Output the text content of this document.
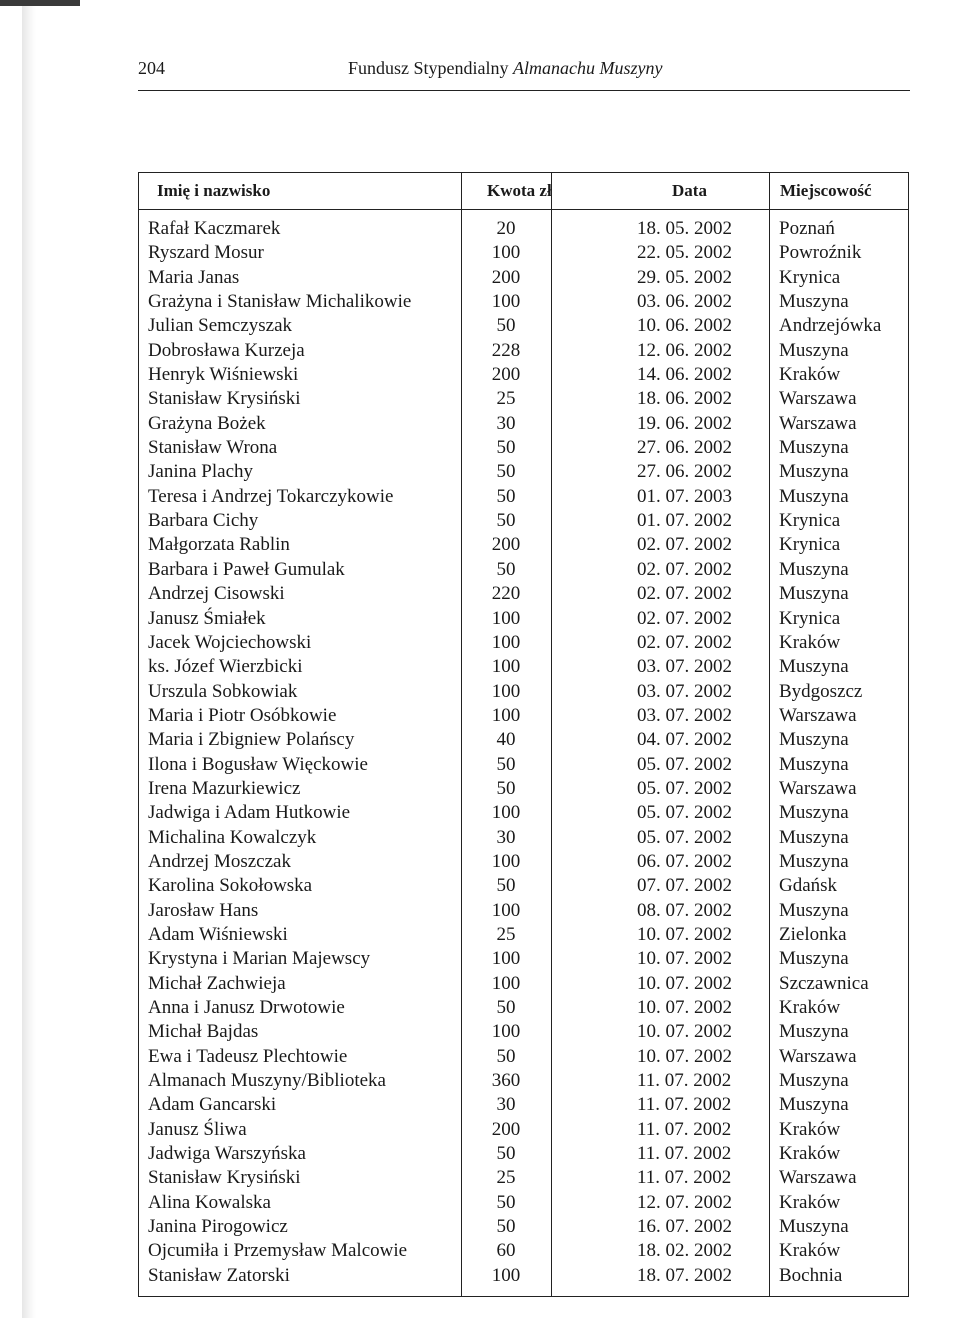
204	Fundusz Stypendialny Almanachu Muszyny
Imię i nazwisko	Kwota zł	Data	Miejscowość
Rafał Kaczmarek	20	18. 05. 2002 Poznań
Ryszard Mosur	100	22. 05. 2002 Powroźnik
Maria Janas	200	29. 05. 2002 Krynica
Grażyna i Stanisław Michalikowie	100	03. 06. 2002 Muszyna
Julian Semczyszak	50	10. 06. 2002 Andrzejówka
Dobrosława Kurzeja	228	12. 06. 2002 Muszyna
Henryk Wiśniewski	200	14. 06. 2002 Kraków
Stanisław Krysiński	25	18. 06. 2002 Warszawa
Grażyna Bożek	30	19. 06. 2002 Warszawa
Stanisław Wrona	50	27. 06. 2002 Muszyna
Janina Plachy	50	27. 06. 2002 Muszyna
Teresa i Andrzej Tokarczykowie	50	01. 07. 2003 Muszyna
Barbara Cichy	50	01. 07. 2002 Krynica
Małgorzata Rablin	200	02. 07. 2002 Krynica
Barbara i Paweł Gumulak	50	02. 07. 2002 Muszyna
Andrzej Cisowski	220	02. 07. 2002 Muszyna
Janusz Śmiałek	100	02. 07. 2002 Krynica
Jacek Wojciechowski	100	02. 07. 2002 Kraków
ks. Józef Wierzbicki	100	03. 07. 2002 Muszyna
Urszula Sobkowiak	100	03. 07. 2002 Bydgoszcz
Maria i Piotr Osóbkowie	100	03. 07. 2002 Warszawa
Maria i Zbigniew Polańscy	40	04. 07. 2002 Muszyna
Ilona i Bogusław Więckowie	50	05. 07. 2002 Muszyna
Irena Mazurkiewicz	50	05. 07. 2002 Warszawa
Jadwiga i Adam Hutkowie	100	05. 07. 2002 Muszyna
Michalina Kowalczyk	30	05. 07. 2002 Muszyna
Andrzej Moszczak	100	06. 07. 2002 Muszyna
Karolina Sokołowska	50	07. 07. 2002 Gdańsk
Jarosław Hans	100	08. 07. 2002 Muszyna
Adam Wiśniewski	25	10. 07. 2002 Zielonka
Krystyna i Marian Majewscy	100	10. 07. 2002 Muszyna
Michał Zachwieja	100	10. 07. 2002 Szczawnica
Anna i Janusz Drwotowie	50	10. 07. 2002 Kraków
Michał Bajdas	100	10. 07. 2002 Muszyna
Ewa i Tadeusz Plechtowie	50	10. 07. 2002 Warszawa
Almanach Muszyny/Biblioteka	360	11. 07. 2002	Muszyna
Adam Gancarski	30	11. 07. 2002	Muszyna
Janusz Śliwa	200	11. 07. 2002	Kraków
Jadwiga Warszyńska	50	11. 07. 2002	Kraków
Stanisław Krysiński	25	11. 07. 2002	Warszawa
Alina Kowalska	50	12. 07. 2002 Kraków
Janina Pirogowicz	50	16. 07. 2002 Muszyna
Ojcumiła i Przemysław Malcowie	60	18. 02. 2002 Kraków
Stanisław Zatorski	100	18. 07. 2002 Bochnia
